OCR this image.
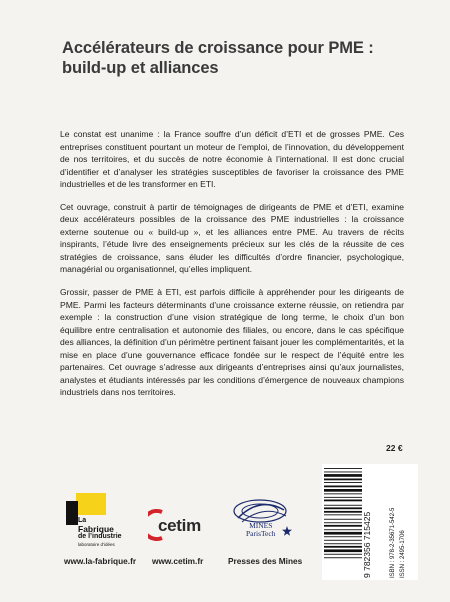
Accélérateurs de croissance pour PME :
build-up et alliances

Le constat est unanime : la France souffre d’un déficit d’ETI et de grosses PME. Ces entreprises constituent pourtant un moteur de l’emploi, de l’innovation, du développement de nos territoires, et du succès de notre économie à l’international. Il est donc crucial d’identifier et d’analyser les stratégies susceptibles de favoriser la croissance des PME industrielles et de les transformer en ETI.

Cet ouvrage, construit à partir de témoignages de dirigeants de PME et d’ETI, examine deux accélérateurs possibles de la croissance des PME industrielles : la croissance externe soutenue ou « build-up », et les alliances entre PME. Au travers de récits inspirants, l’étude livre des enseignements précieux sur les clés de la réussite de ces stratégies de croissance, sans éluder les difficultés d’ordre financier, psychologique, managérial ou organisationnel, qu’elles impliquent.

Grossir, passer de PME à ETI, est parfois difficile à appréhender pour les dirigeants de PME. Parmi les facteurs déterminants d’une croissance externe réussie, on retiendra par exemple : la construction d’une vision stratégique de long terme, le choix d’un bon équilibre entre centralisation et autonomie des filiales, ou encore, dans le cas spécifique des alliances, la définition d’un périmètre pertinent faisant jouer les complémentarités, et la mise en place d’une gouvernance efficace fondée sur le respect de l’équité entre les partenaires. Cet ouvrage s’adresse aux dirigeants d’entreprises ainsi qu’aux journalistes, analystes et étudiants intéressés par les conditions d’émergence de nouveaux champions industriels dans nos territoires.

22 €
La
Fabrique
de l’industrie
laboratoire d’idées
cetim	MINES
ParisTech
www.la-fabrique.fr www.cetim.fr	Presses des Mines	9 782356 715425	ISBN : 978-2-35671-542-5 ISSN : 2495-1706
